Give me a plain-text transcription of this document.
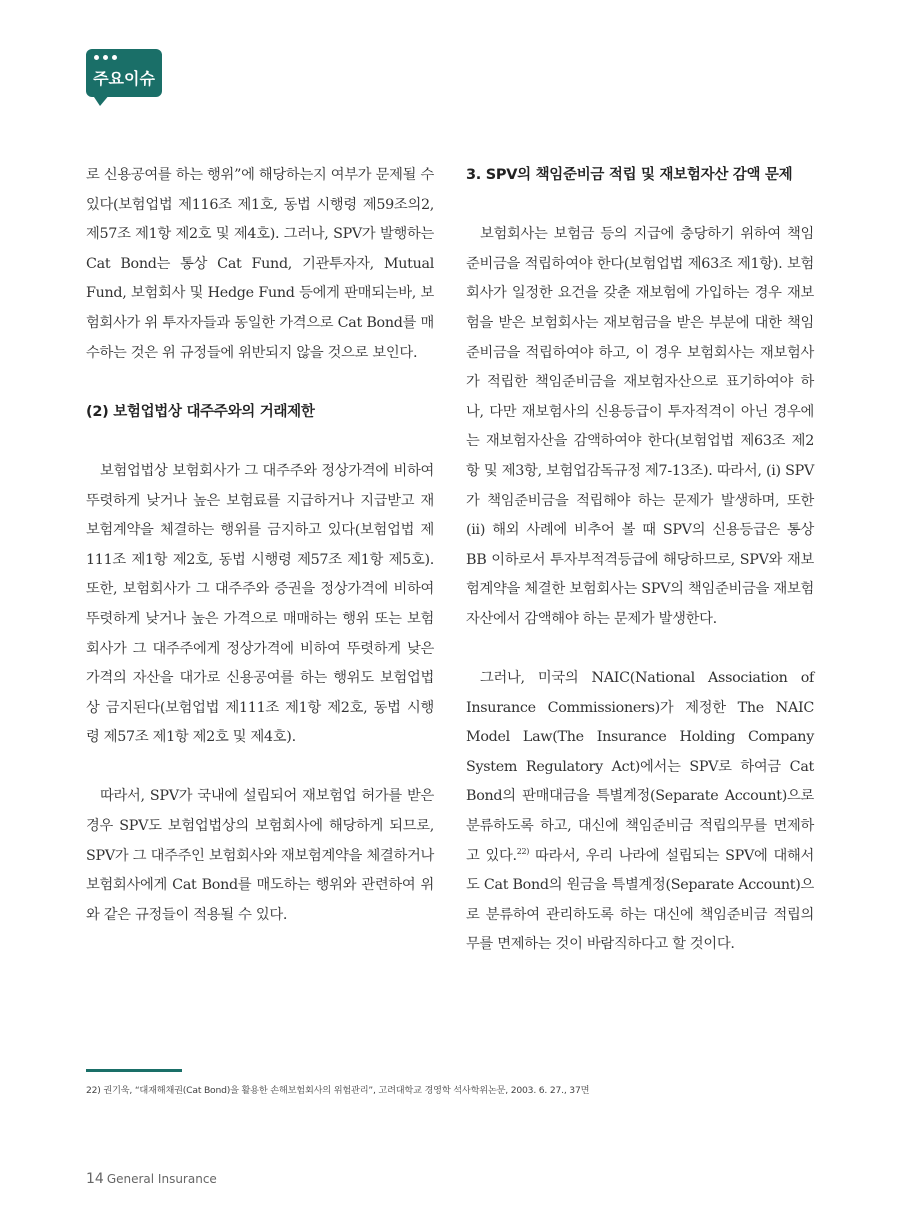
주요이슈

로 신용공여를 하는 행위”에 해당하는지 여부가 문제될 수 있다(보험업법 제116조 제1호, 동법 시행령 제59조의2, 제57조 제1항 제2호 및 제4호). 그러나, SPV가 발행하는 Cat Bond는 통상 Cat Fund, 기관투자자, Mutual Fund, 보험회사 및 Hedge Fund 등에게 판매되는바, 보험회사가 위 투자자들과 동일한 가격으로 Cat Bond를 매수하는 것은 위 규정들에 위반되지 않을 것으로 보인다.

(2) 보험업법상 대주주와의 거래제한

보험업법상 보험회사가 그 대주주와 정상가격에 비하여 뚜렷하게 낮거나 높은 보험료를 지급하거나 지급받고 재보험계약을 체결하는 행위를 금지하고 있다(보험업법 제111조 제1항 제2호, 동법 시행령 제57조 제1항 제5호). 또한, 보험회사가 그 대주주와 증권을 정상가격에 비하여 뚜렷하게 낮거나 높은 가격으로 매매하는 행위 또는 보험회사가 그 대주주에게 정상가격에 비하여 뚜렷하게 낮은 가격의 자산을 대가로 신용공여를 하는 행위도 보험업법상 금지된다(보험업법 제111조 제1항 제2호, 동법 시행령 제57조 제1항 제2호 및 제4호).

따라서, SPV가 국내에 설립되어 재보험업 허가를 받은 경우 SPV도 보험업법상의 보험회사에 해당하게 되므로, SPV가 그 대주주인 보험회사와 재보험계약을 체결하거나 보험회사에게 Cat Bond를 매도하는 행위와 관련하여 위와 같은 규정들이 적용될 수 있다.

3. SPV의 책임준비금 적립 및 재보험자산 감액 문제

보험회사는 보험금 등의 지급에 충당하기 위하여 책임준비금을 적립하여야 한다(보험업법 제63조 제1항). 보험회사가 일정한 요건을 갖춘 재보험에 가입하는 경우 재보험을 받은 보험회사는 재보험금을 받은 부분에 대한 책임준비금을 적립하여야 하고, 이 경우 보험회사는 재보험사가 적립한 책임준비금을 재보험자산으로 표기하여야 하나, 다만 재보험사의 신용등급이 투자적격이 아닌 경우에는 재보험자산을 감액하여야 한다(보험업법 제63조 제2항 및 제3항, 보험업감독규정 제7-13조). 따라서, (i) SPV가 책임준비금을 적립해야 하는 문제가 발생하며, 또한 (ii) 해외 사례에 비추어 볼 때 SPV의 신용등급은 통상 BB 이하로서 투자부적격등급에 해당하므로, SPV와 재보험계약을 체결한 보험회사는 SPV의 책임준비금을 재보험자산에서 감액해야 하는 문제가 발생한다.

그러나, 미국의 NAIC(National Association of Insurance Commissioners)가 제정한 The NAIC Model Law(The Insurance Holding Company System Regulatory Act)에서는 SPV로 하여금 Cat Bond의 판매대금을 특별계정(Separate Account)으로 분류하도록 하고, 대신에 책임준비금 적립의무를 면제하고 있다.$^{22)}$ 따라서, 우리 나라에 설립되는 SPV에 대해서도 Cat Bond의 원금을 특별계정(Separate Account)으로 분류하여 관리하도록 하는 대신에 책임준비금 적립의무를 면제하는 것이 바람직하다고 할 것이다.

22) 권기욱, “대재해채권(Cat Bond)을 활용한 손해보험회사의 위험관리”, 고려대학교 경영학 석사학위논문, 2003. 6. 27., 37면
14 General Insurance
